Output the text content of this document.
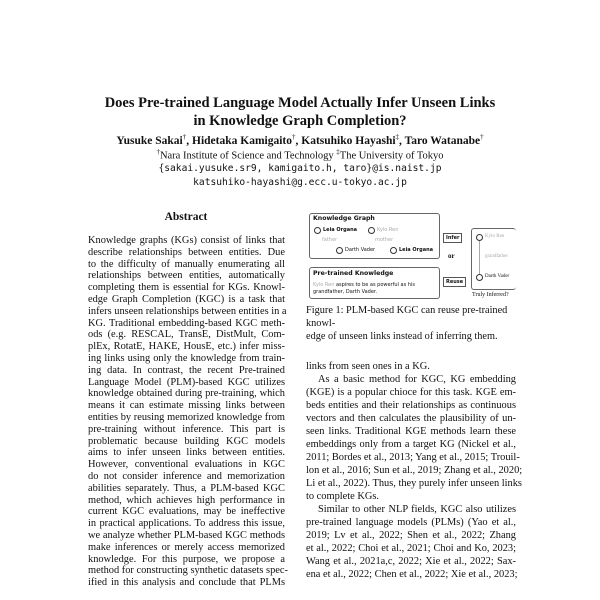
Does Pre-trained Language Model Actually Infer Unseen Links
in Knowledge Graph Completion?
Yusuke Sakai†, Hidetaka Kamigaito†, Katsuhiko Hayashi‡, Taro Watanabe†
†Nara Institute of Science and Technology ‡The University of Tokyo
{sakai.yusuke.sr9, kamigaito.h, taro}@is.naist.jp
katsuhiko-hayashi@g.ecc.u-tokyo.ac.jp
Abstract
Knowledge graphs (KGs) consist of links that
describe relationships between entities. Due
to the difficulty of manually enumerating all
relationships between entities, automatically
completing them is essential for KGs. Knowl-
edge Graph Completion (KGC) is a task that
infers unseen relationships between entities in a
KG. Traditional embedding-based KGC meth-
ods (e.g. RESCAL, TransE, DistMult, Com-
plEx, RotatE, HAKE, HousE, etc.) infer miss-
ing links using only the knowledge from train-
ing data. In contrast, the recent Pre-trained
Language Model (PLM)-based KGC utilizes
knowledge obtained during pre-training, which
means it can estimate missing links between
entities by reusing memorized knowledge from
pre-training without inference. This part is
problematic because building KGC models
aims to infer unseen links between entities.
However, conventional evaluations in KGC
do not consider inference and memorization
abilities separately. Thus, a PLM-based KGC
method, which achieves high performance in
current KGC evaluations, may be ineffective
in practical applications. To address this issue,
we analyze whether PLM-based KGC methods
make inferences or merely access memorized
knowledge. For this purpose, we propose a
method for constructing synthetic datasets spec-
ified in this analysis and conclude that PLMs
Knowledge Graph
Leia Organa	Kylo Ren
father	mother
Darth Vader	Leia Organa
Pre-trained Knowledge
Kylo Ren aspires to be as powerful as his
grandfather, Darth Vader.
Infer
or
Reuse
Kylo Ren
grandfather
Darth Vader
Truly Inferred?
Figure 1: PLM-based KGC can reuse pre-trained knowl-
edge of unseen links instead of inferring them.
links from seen ones in a KG.
As a basic method for KGC, KG embedding
(KGE) is a popular chioce for this task. KGE em-
beds entities and their relationships as continuous
vectors and then calculates the plausibility of un-
seen links. Traditional KGE methods learn these
embeddings only from a target KG (Nickel et al.,
2011; Bordes et al., 2013; Yang et al., 2015; Trouil-
lon et al., 2016; Sun et al., 2019; Zhang et al., 2020;
Li et al., 2022). Thus, they purely infer unseen links
to complete KGs.
Similar to other NLP fields, KGC also utilizes
pre-trained language models (PLMs) (Yao et al.,
2019; Lv et al., 2022; Shen et al., 2022; Zhang
et al., 2022; Choi et al., 2021; Choi and Ko, 2023;
Wang et al., 2021a,c, 2022; Xie et al., 2022; Sax-
ena et al., 2022; Chen et al., 2022; Xie et al., 2023;
